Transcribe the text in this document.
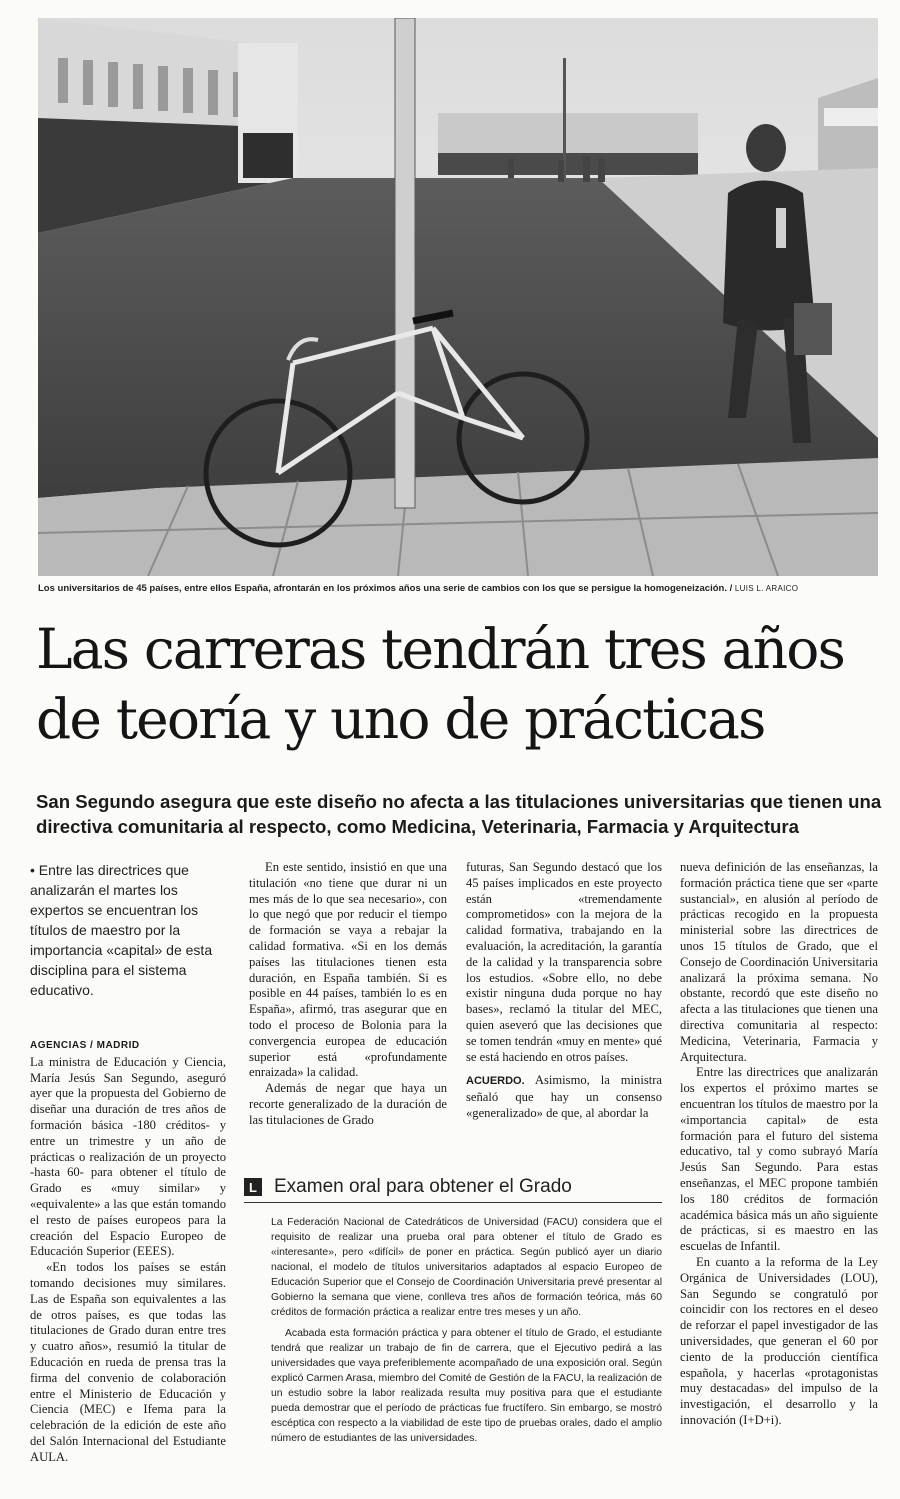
Los universitarios de 45 países, entre ellos España, afrontarán en los próximos años una serie de cambios con los que se persigue la homogeneización. / LUIS L. ARAICO
Las carreras tendrán tres años de teoría y uno de prácticas
San Segundo asegura que este diseño no afecta a las titulaciones universitarias que tienen una directiva comunitaria al respecto, como Medicina, Veterinaria, Farmacia y Arquitectura

• Entre las directrices que analizarán el martes los expertos se encuentran los títulos de maestro por la importancia «capital» de esta disciplina para el sistema educativo.

AGENCIAS / MADRID

La ministra de Educación y Ciencia, María Jesús San Segundo, aseguró ayer que la propuesta del Gobierno de diseñar una duración de tres años de formación básica -180 créditos- y entre un trimestre y un año de prácticas o realización de un proyecto -hasta 60- para obtener el título de Grado es «muy similar» y «equivalente» a las que están tomando el resto de países europeos para la creación del Espacio Europeo de Educación Superior (EEES).

«En todos los países se están tomando decisiones muy similares. Las de España son equivalentes a las de otros países, es que todas las titulaciones de Grado duran entre tres y cuatro años», resumió la titular de Educación en rueda de prensa tras la firma del convenio de colaboración entre el Ministerio de Educación y Ciencia (MEC) e Ifema para la celebración de la edición de este año del Salón Internacional del Estudiante AULA.

En este sentido, insistió en que una titulación «no tiene que durar ni un mes más de lo que sea necesario», con lo que negó que por reducir el tiempo de formación se vaya a rebajar la calidad formativa. «Si en los demás países las titulaciones tienen esta duración, en España también. Si es posible en 44 países, también lo es en España», afirmó, tras asegurar que en todo el proceso de Bolonia para la convergencia europea de educación superior está «profundamente enraizada» la calidad.

Además de negar que haya un recorte generalizado de la duración de las titulaciones de Grado

futuras, San Segundo destacó que los 45 países implicados en este proyecto están «tremendamente comprometidos» con la mejora de la calidad formativa, trabajando en la evaluación, la acreditación, la garantía de la calidad y la transparencia sobre los estudios. «Sobre ello, no debe existir ninguna duda porque no hay bases», reclamó la titular del MEC, quien aseveró que las decisiones que se tomen tendrán «muy en mente» qué se está haciendo en otros países.

ACUERDO. Asimismo, la ministra señaló que hay un consenso «generalizado» de que, al abordar la

nueva definición de las enseñanzas, la formación práctica tiene que ser «parte sustancial», en alusión al período de prácticas recogido en la propuesta ministerial sobre las directrices de unos 15 títulos de Grado, que el Consejo de Coordinación Universitaria analizará la próxima semana. No obstante, recordó que este diseño no afecta a las titulaciones que tienen una directiva comunitaria al respecto: Medicina, Veterinaria, Farmacia y Arquitectura.

Entre las directrices que analizarán los expertos el próximo martes se encuentran los títulos de maestro por la «importancia capital» de esta formación para el futuro del sistema educativo, tal y como subrayó María Jesús San Segundo. Para estas enseñanzas, el MEC propone también los 180 créditos de formación académica básica más un año siguiente de prácticas, si es maestro en las escuelas de Infantil.

En cuanto a la reforma de la Ley Orgánica de Universidades (LOU), San Segundo se congratuló por coincidir con los rectores en el deseo de reforzar el papel investigador de las universidades, que generan el 60 por ciento de la producción científica española, y hacerlas «protagonistas muy destacadas» del impulso de la investigación, el desarrollo y la innovación (I+D+i).

L Examen oral para obtener el Grado

La Federación Nacional de Catedráticos de Universidad (FACU) considera que el requisito de realizar una prueba oral para obtener el título de Grado es «interesante», pero «difícil» de poner en práctica. Según publicó ayer un diario nacional, el modelo de títulos universitarios adaptados al espacio Europeo de Educación Superior que el Consejo de Coordinación Universitaria prevé presentar al Gobierno la semana que viene, conlleva tres años de formación teórica, más 60 créditos de formación práctica a realizar entre tres meses y un año.

Acabada esta formación práctica y para obtener el título de Grado, el estudiante tendrá que realizar un trabajo de fin de carrera, que el Ejecutivo pedirá a las universidades que vaya preferiblemente acompañado de una exposición oral. Según explicó Carmen Arasa, miembro del Comité de Gestión de la FACU, la realización de un estudio sobre la labor realizada resulta muy positiva para que el estudiante pueda demostrar que el período de prácticas fue fructífero. Sin embargo, se mostró escéptica con respecto a la viabilidad de este tipo de pruebas orales, dado el amplio número de estudiantes de las universidades.
